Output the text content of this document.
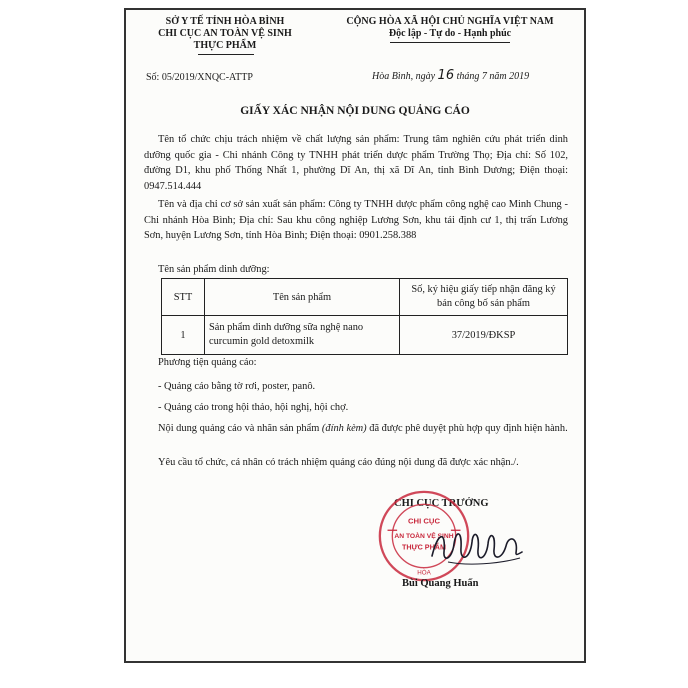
SỞ Y TẾ TỈNH HÒA BÌNH
CHI CỤC AN TOÀN VỆ SINH
THỰC PHẨM
Số: 05/2019/XNQC-ATTP
CỘNG HÒA XÃ HỘI CHỦ NGHĨA VIỆT NAM
Độc lập - Tự do - Hạnh phúc
Hòa Bình, ngày 16 tháng 7 năm 2019
GIẤY XÁC NHẬN NỘI DUNG QUẢNG CÁO
Tên tổ chức chịu trách nhiệm về chất lượng sản phẩm: Trung tâm nghiên cứu phát triển dinh dưỡng quốc gia - Chi nhánh Công ty TNHH phát triển dược phẩm Trường Thọ; Địa chỉ: Số 102, đường D1, khu phố Thống Nhất 1, phường Dĩ An, thị xã Dĩ An, tỉnh Bình Dương; Điện thoại: 0947.514.444
Tên và địa chỉ cơ sở sản xuất sản phẩm: Công ty TNHH dược phẩm công nghệ cao Minh Chung - Chi nhánh Hòa Bình; Địa chỉ: Sau khu công nghiệp Lương Sơn, khu tái định cư 1, thị trấn Lương Sơn, huyện Lương Sơn, tỉnh Hòa Bình; Điện thoại: 0901.258.388
Tên sản phẩm dinh dưỡng:
STT	Tên sản phẩm	Số, ký hiệu giấy tiếp nhận đăng ký bản công bố sản phẩm
1	Sản phẩm dinh dưỡng sữa nghệ nano curcumin gold detoxmilk	37/2019/ĐKSP
Phương tiện quảng cáo:
- Quảng cáo bằng tờ rơi, poster, panô.
- Quảng cáo trong hội thảo, hội nghị, hội chợ.
Nội dung quảng cáo và nhãn sản phẩm (đính kèm) đã được phê duyệt phù hợp quy định hiện hành.
Yêu cầu tổ chức, cá nhân có trách nhiệm quảng cáo đúng nội dung đã được xác nhận./.
CHI CỤC TRƯỞNG
CHI CỤC
AN TOÀN VỆ SINH
THỰC PHẨM
HÒA
Bùi Quang Huấn
